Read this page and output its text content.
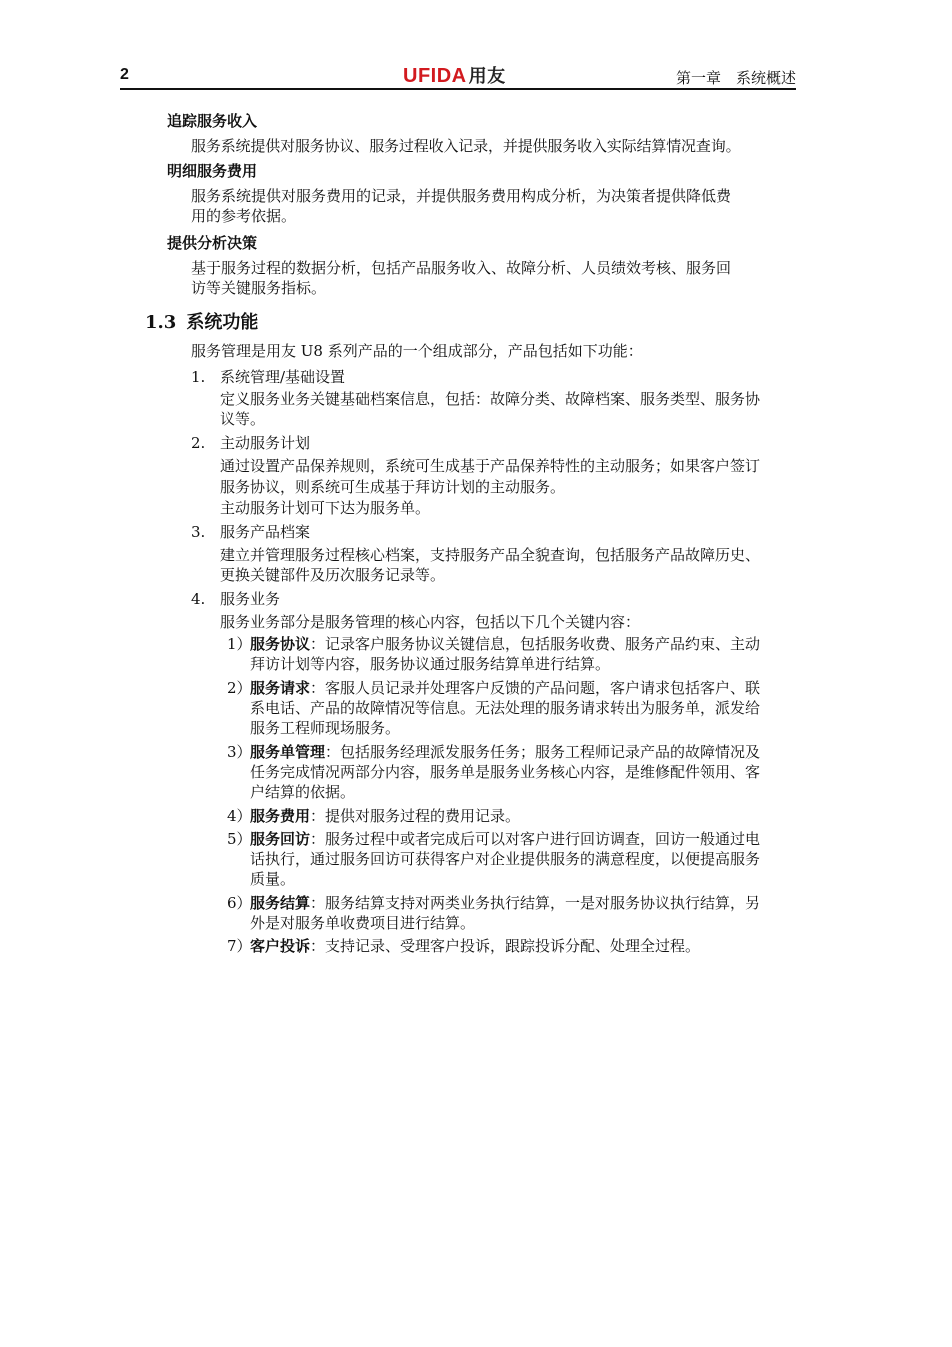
2	UFIDA 用友	第一章　系统概述
追踪服务收入
服务系统提供对服务协议、服务过程收入记录，并提供服务收入实际结算情况查询。
明细服务费用
服务系统提供对服务费用的记录，并提供服务费用构成分析，为决策者提供降低费
用的参考依据。
提供分析决策
基于服务过程的数据分析，包括产品服务收入、故障分析、人员绩效考核、服务回
访等关键服务指标。
1.3 系统功能
服务管理是用友 U8 系列产品的一个组成部分，产品包括如下功能：
1. 系统管理/基础设置
定义服务业务关键基础档案信息，包括：故障分类、故障档案、服务类型、服务协
议等。
2. 主动服务计划
通过设置产品保养规则，系统可生成基于产品保养特性的主动服务；如果客户签订
服务协议，则系统可生成基于拜访计划的主动服务。
主动服务计划可下达为服务单。
3. 服务产品档案
建立并管理服务过程核心档案，支持服务产品全貌查询，包括服务产品故障历史、
更换关键部件及历次服务记录等。
4. 服务业务
服务业务部分是服务管理的核心内容，包括以下几个关键内容：
1）
服务协议：记录客户服务协议关键信息，包括服务收费、服务产品约束、主动
拜访计划等内容，服务协议通过服务结算单进行结算。
2）
服务请求：客服人员记录并处理客户反馈的产品问题，客户请求包括客户、联
系电话、产品的故障情况等信息。无法处理的服务请求转出为服务单，派发给
服务工程师现场服务。
3）
服务单管理：包括服务经理派发服务任务；服务工程师记录产品的故障情况及
任务完成情况两部分内容，服务单是服务业务核心内容，是维修配件领用、客
户结算的依据。
4）
服务费用：提供对服务过程的费用记录。
5）
服务回访：服务过程中或者完成后可以对客户进行回访调查，回访一般通过电
话执行，通过服务回访可获得客户对企业提供服务的满意程度，以便提高服务
质量。
6）
服务结算：服务结算支持对两类业务执行结算，一是对服务协议执行结算，另
外是对服务单收费项目进行结算。
7）
客户投诉：支持记录、受理客户投诉，跟踪投诉分配、处理全过程。
